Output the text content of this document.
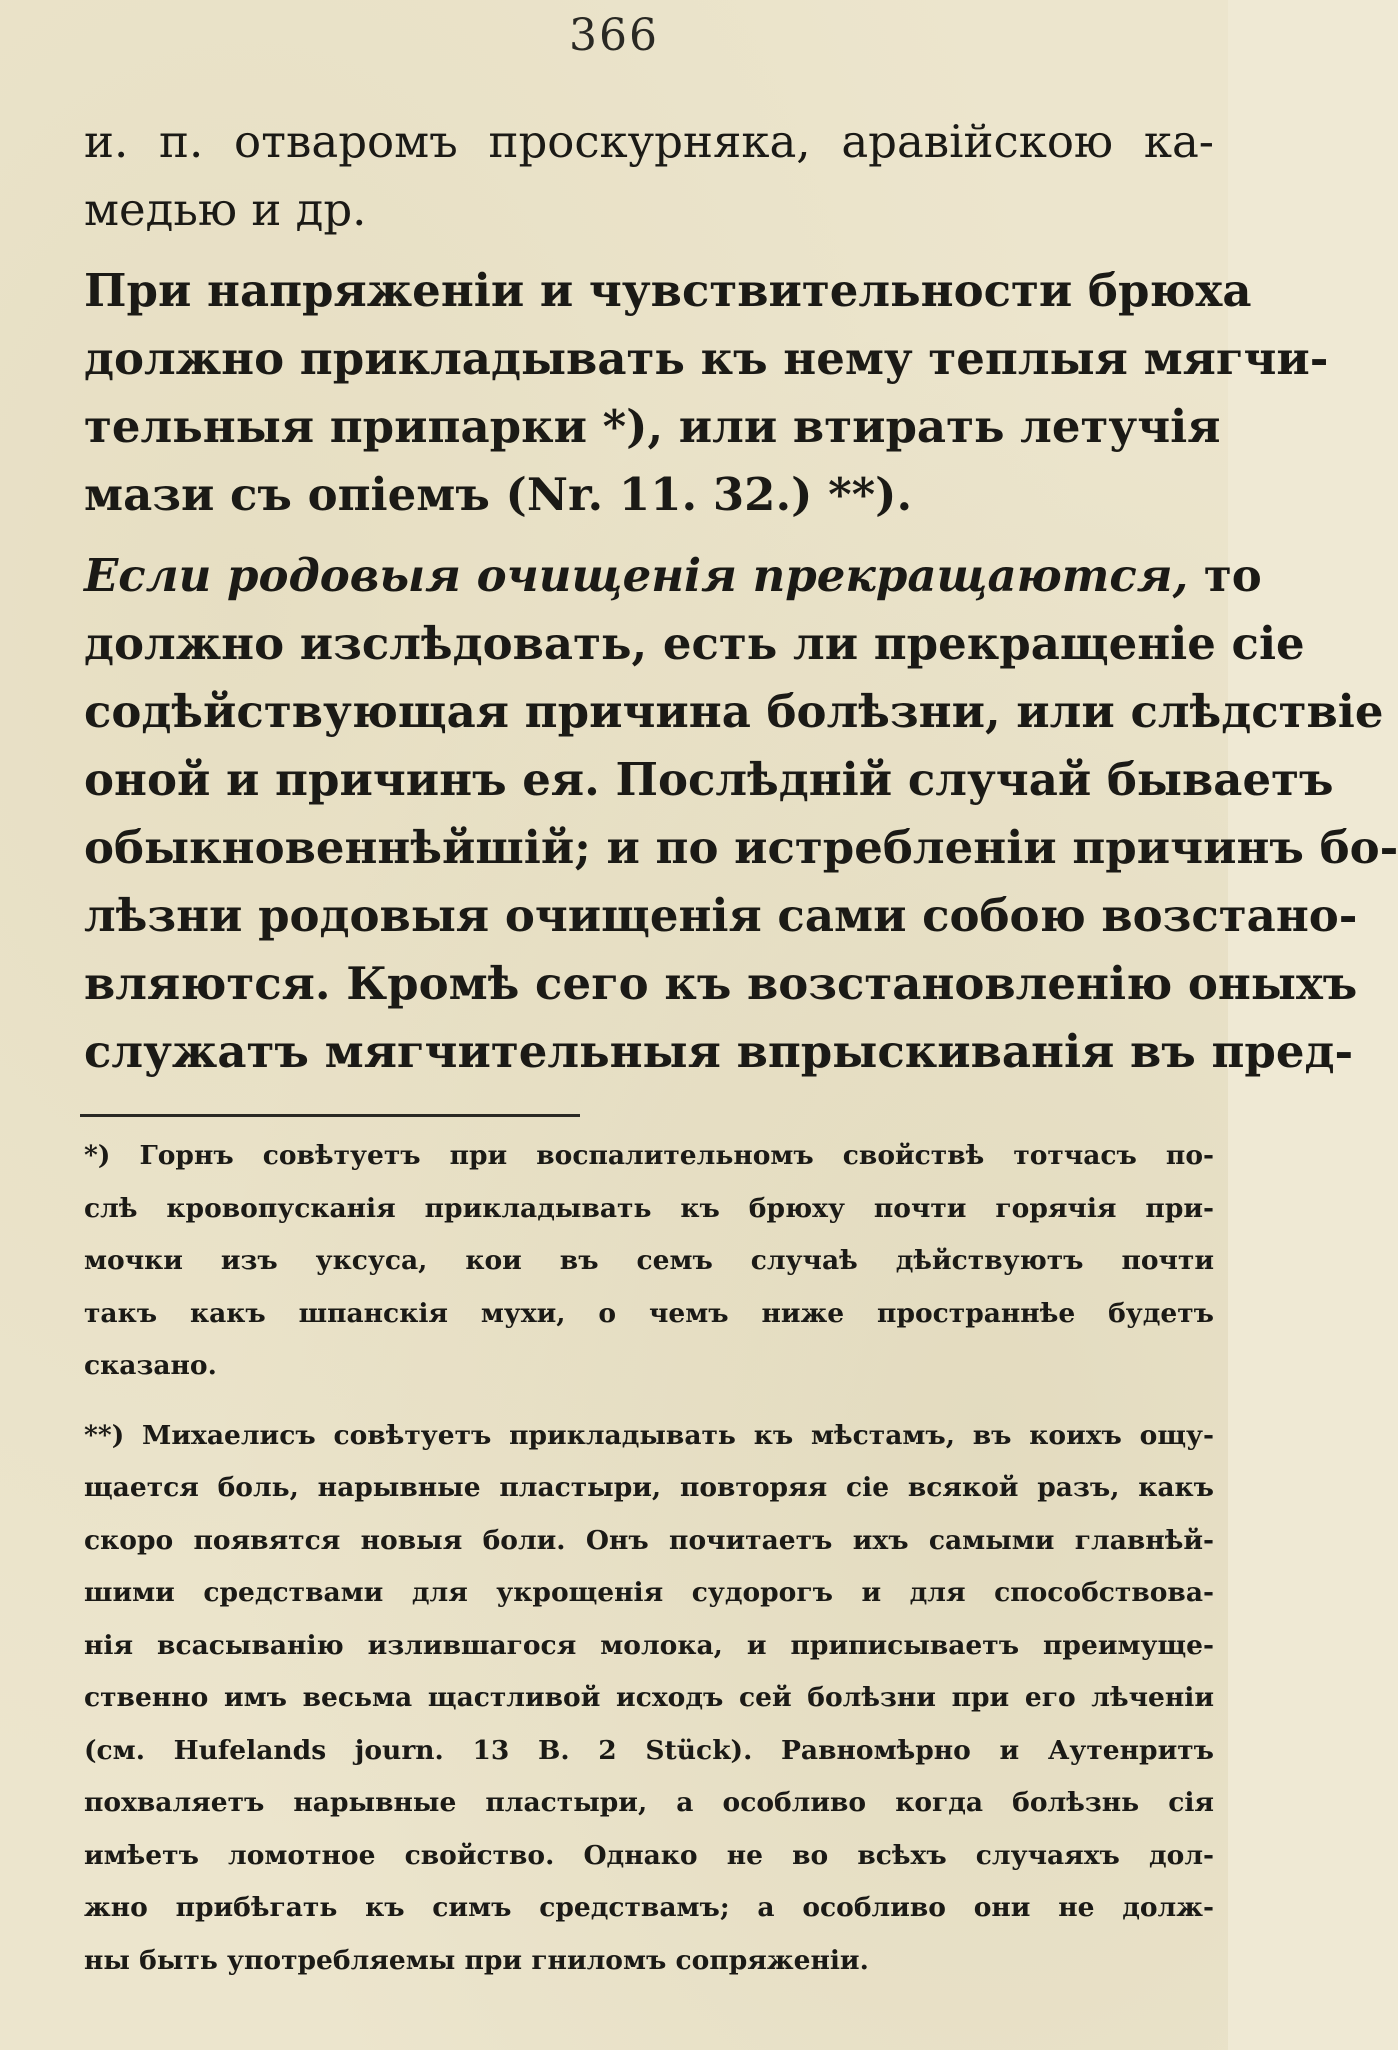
366
и. п. отваромъ проскурняка, аравійскою ка-
медью и др.
При напряженіи и чувствительности брюха
должно прикладывать къ нему теплыя мягчи-
тельныя припарки *), или втирать летучія
мази съ опіемъ (Nr. 11. 32.) **).
Если родовыя очищенія прекращаются, то
должно изслѣдовать, есть ли прекращеніе сіе
содѣйствующая причина болѣзни, или слѣдствіе
оной и причинъ ея. Послѣдній случай бываетъ
обыкновеннѣйшій; и по истребленіи причинъ бо-
лѣзни родовыя очищенія сами собою возстано-
вляются. Кромѣ сего къ возстановленію оныхъ
служатъ мягчительныя впрыскиванія въ пред-
*) Горнъ совѣтуетъ при воспалительномъ свойствѣ тотчасъ по-
слѣ кровопусканія прикладывать къ брюху почти горячія при-
мочки изъ уксуса, кои въ семъ случаѣ дѣйствуютъ почти
такъ какъ шпанскія мухи, о чемъ ниже пространнѣе будетъ
сказано.
**) Михаелисъ совѣтуетъ прикладывать къ мѣстамъ, въ коихъ ощу-
щается боль, нарывные пластыри, повторяя сіе всякой разъ, какъ
скоро появятся новыя боли. Онъ почитаетъ ихъ самыми главнѣй-
шими средствами для укрощенія судорогъ и для способствова-
нія всасыванію излившагося молока, и приписываетъ преимуще-
ственно имъ весьма щастливой исходъ сей болѣзни при его лѣченіи
(см. Hufelands journ. 13 B. 2 Stück). Равномѣрно и Аутенритъ
похваляетъ нарывные пластыри, а особливо когда болѣзнь сія
имѣетъ ломотное свойство. Однако не во всѣхъ случаяхъ дол-
жно прибѣгать къ симъ средствамъ; а особливо они не долж-
ны быть употребляемы при гниломъ сопряженіи.
